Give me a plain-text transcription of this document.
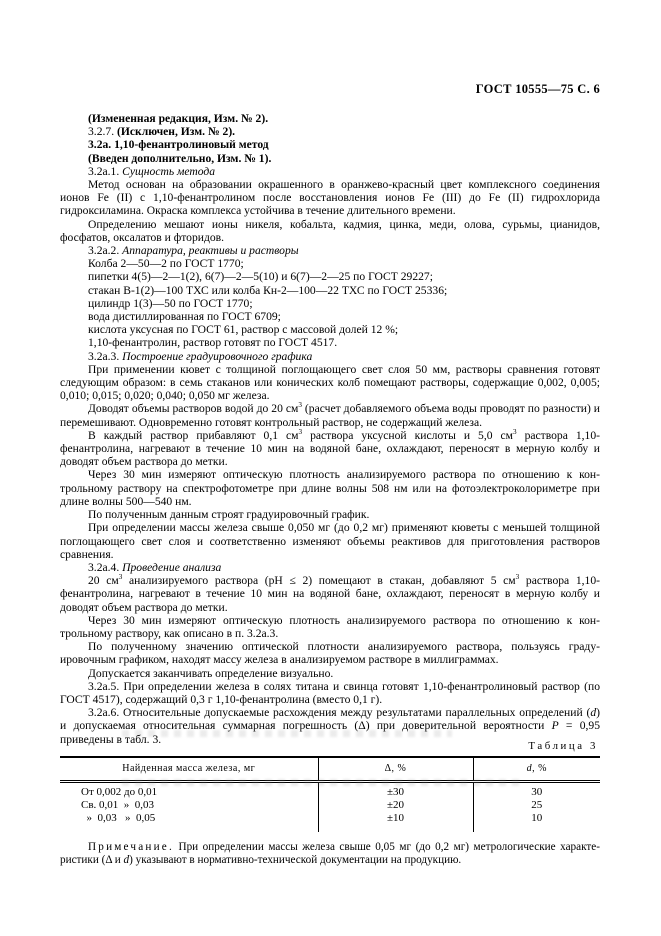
ГОСТ 10555—75 С. 6

(Измененная редакция, Изм. № 2).

3.2.7. (Исключен, Изм. № 2).

3.2а. 1,10-фенантролиновый метод

(Введен дополнительно, Изм. № 1).

3.2а.1. Сущность метода

Метод основан на образовании окрашенного в оранжево-красный цвет комплексного соединения ионов Fe (II) с 1,10-фенантролином после восстановления ионов Fe (III) до Fe (II) гидрохлорида гидроксиламина. Окраска комплекса устойчива в течение длительного времени.

Определению мешают ионы никеля, кобальта, кадмия, цинка, меди, олова, сурьмы, цианидов, фосфатов, оксалатов и фторидов.

3.2а.2. Аппаратура, реактивы и растворы

Колба 2—50—2 по ГОСТ 1770;

пипетки 4(5)—2—1(2), 6(7)—2—5(10) и 6(7)—2—25 по ГОСТ 29227;

стакан В-1(2)—100 ТХС или колба Кн-2—100—22 ТХС по ГОСТ 25336;

цилиндр 1(3)—50 по ГОСТ 1770;

вода дистиллированная по ГОСТ 6709;

кислота уксусная по ГОСТ 61, раствор с массовой долей 12 %;

1,10-фенантролин, раствор готовят по ГОСТ 4517.

3.2а.3. Построение градуировочного графика

При применении кювет с толщиной поглощающего свет слоя 50 мм, растворы сравнения готовят следующим образом: в семь стаканов или конических колб помещают растворы, содержащие 0,002, 0,005; 0,010; 0,015; 0,020; 0,040; 0,050 мг железа.

Доводят объемы растворов водой до 20 $см^3$ (расчет добавляемого объема воды проводят по разности) и перемешивают. Одновременно готовят контрольный раствор, не содержащий железа.

В каждый раствор прибавляют 0,1 $см^3$ раствора уксусной кислоты и 5,0 $см^3$ раствора 1,10-фенантролина, нагревают в течение 10 мин на водяной бане, охлаждают, переносят в мерную колбу и доводят объем раствора до метки.

Через 30 мин измеряют оптическую плотность анализируемого раствора по отношению к контрольному раствору на спектрофотометре при длине волны 508 нм или на фотоэлектроколориметре при длине волны 500—540 нм.

По полученным данным строят градуировочный график.

При определении массы железа свыше 0,050 мг (до 0,2 мг) применяют кюветы с меньшей толщиной поглощающего свет слоя и соответственно изменяют объемы реактивов для приготовления растворов сравнения.

3.2а.4. Проведение анализа

20 $см^3$ анализируемого раствора (pH ≤ 2) помещают в стакан, добавляют 5 $см^3$ раствора 1,10-фенантролина, нагревают в течение 10 мин на водяной бане, охлаждают, переносят в мерную колбу и доводят объем раствора до метки.

Через 30 мин измеряют оптическую плотность анализируемого раствора по отношению к контрольному раствору, как описано в п. 3.2а.3.

По полученному значению оптической плотности анализируемого раствора, пользуясь градуировочным графиком, находят массу железа в анализируемом растворе в миллиграммах.

Допускается заканчивать определение визуально.

3.2а.5. При определении железа в солях титана и свинца готовят 1,10-фенантролиновый раствор (по ГОСТ 4517), содержащий 0,3 г 1,10-фенантролина (вместо 0,1 г).

3.2а.6. Относительные допускаемые расхождения между результатами параллельных определений (d) и допускаемая относительная суммарная погрешность (Δ) при доверительной вероятности P = 0,95 приведены в табл. 3.

Таблица 3
Найденная масса железа, мг	Δ, %	d, %
От 0,002 до 0,01	±30	30
Св. 0,01  »  0,03	±20	25
»  0,03   »  0,05	±10	10

Примечание. При определении массы железа свыше 0,05 мг (до 0,2 мг) метрологические характеристики (Δ и d) указывают в нормативно-технической документации на продукцию.
